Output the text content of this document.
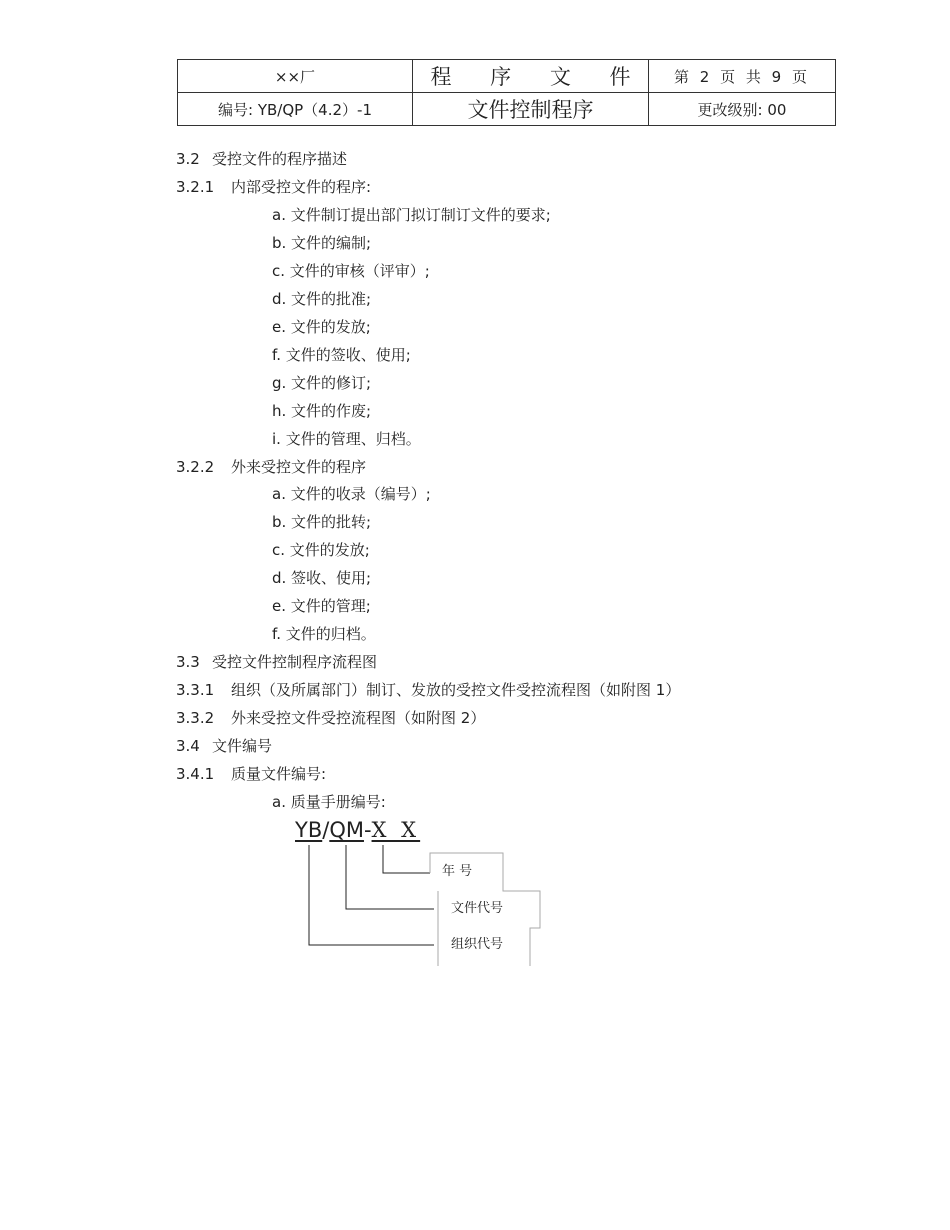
××厂	程 序 文 件	第 2 页 共 9 页
编号: YB/QP（4.2）-1	文件控制程序	更改级别: 00
3.2 受控文件的程序描述
3.2.1 内部受控文件的程序:
a. 文件制订提出部门拟订制订文件的要求;
b. 文件的编制;
c. 文件的审核（评审）;
d. 文件的批准;
e. 文件的发放;
f. 文件的签收、使用;
g. 文件的修订;
h. 文件的作废;
i. 文件的管理、归档。
3.2.2 外来受控文件的程序
a. 文件的收录（编号）;
b. 文件的批转;
c. 文件的发放;
d. 签收、使用;
e. 文件的管理;
f. 文件的归档。
3.3 受控文件控制程序流程图
3.3.1 组织（及所属部门）制订、发放的受控文件受控流程图（如附图 1）
3.3.2 外来受控文件受控流程图（如附图 2）
3.4 文件编号
3.4.1 质量文件编号:
a. 质量手册编号:
YB/QM-X X
年 号
文件代号
组织代号
